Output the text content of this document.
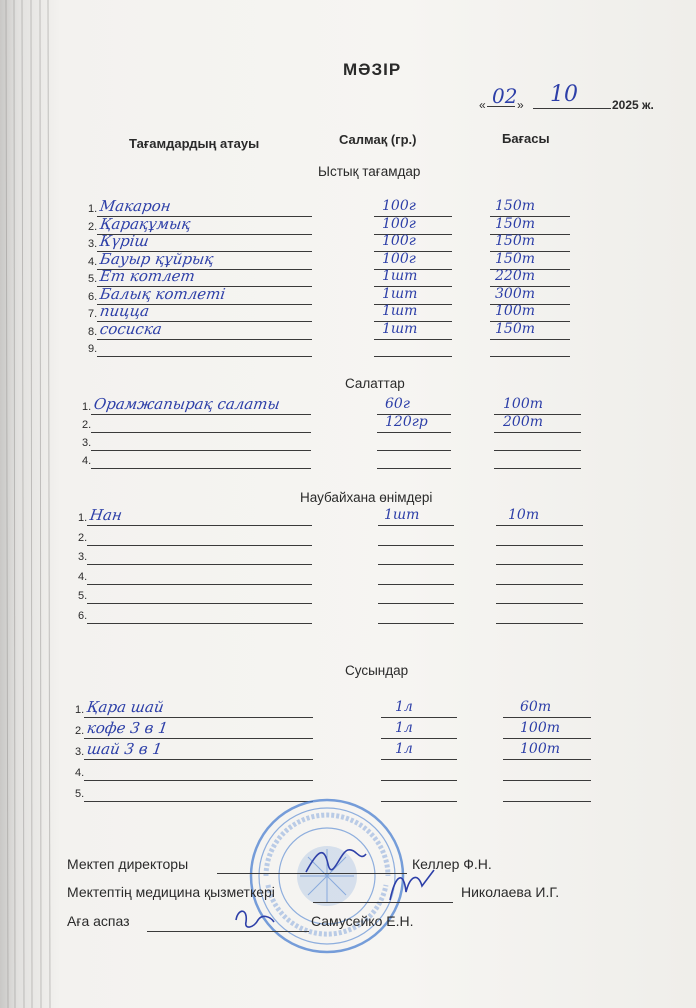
МӘЗІР
« 02 » 10	2025 ж.
Тағамдардың атауы	Салмақ (гр.)	Бағасы
Ыстық тағамдар
Салаттар
Наубайхана өнімдері
Сусындар
1. Макарон	100г	150т
2. Қарақұмық	100г	150т
3. Күріш	100г	150т
4. Бауыр құйрық	100г	150т
5. Ет котлет	1шт	220т
6. Балық котлеті	1шт	300т
7. пицца	1шт	100т
8. сосиска	1шт	150т
9.
1. Орамжапырақ салаты	60г	100т
2.	120гр	200т
3.
4.
1. Нан	1шт	10т
2.
3.
4.
5.
6.
1. Қара шай	1л	60т
2. кофе 3 в 1	1л	100т
3. шай 3 в 1	1л	100т
4.
5.
Мектеп директоры	Келлер Ф.Н.
Мектептің медицина қызметкері	Николаева И.Г.
Аға аспаз	Самусейко Е.Н.
